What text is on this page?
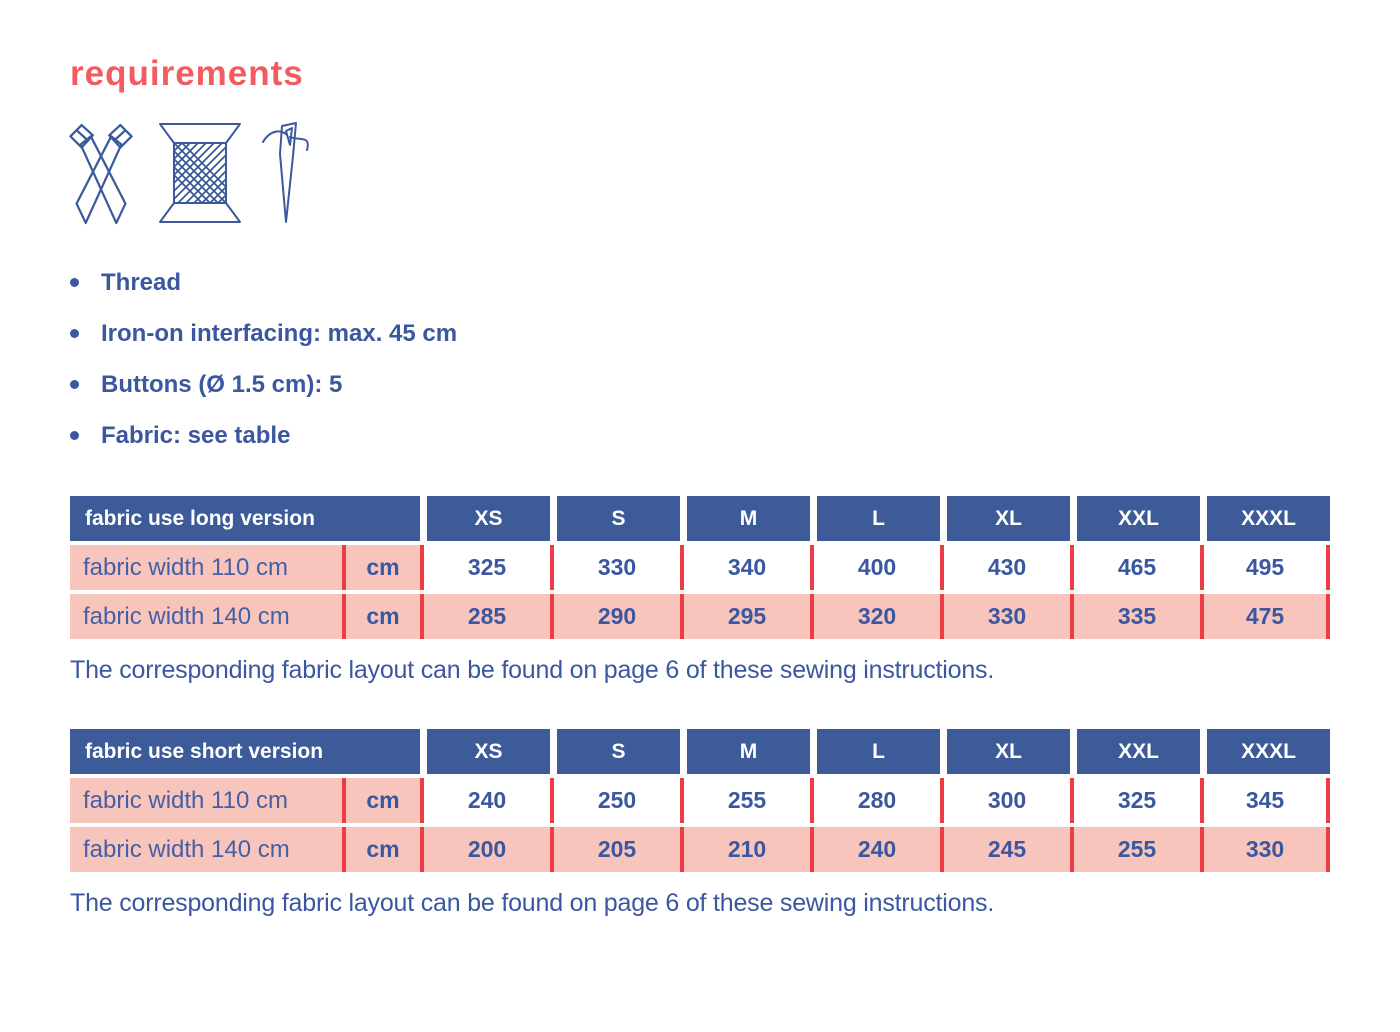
requirements
Thread
Iron-on interfacing: max. 45 cm
Buttons (Ø 1.5 cm): 5
Fabric: see table
fabric use long version	XS	S	M	L	XL	XXL	XXXL
fabric width 110 cm	cm	325	330	340	400	430	465	495
fabric width 140 cm	cm	285	290	295	320	330	335	475

The corresponding fabric layout can be found on page 6 of these sewing instructions.

fabric use short version	XS	S	M	L	XL	XXL	XXXL
fabric width 110 cm	cm	240	250	255	280	300	325	345
fabric width 140 cm	cm	200	205	210	240	245	255	330

The corresponding fabric layout can be found on page 6 of these sewing instructions.
